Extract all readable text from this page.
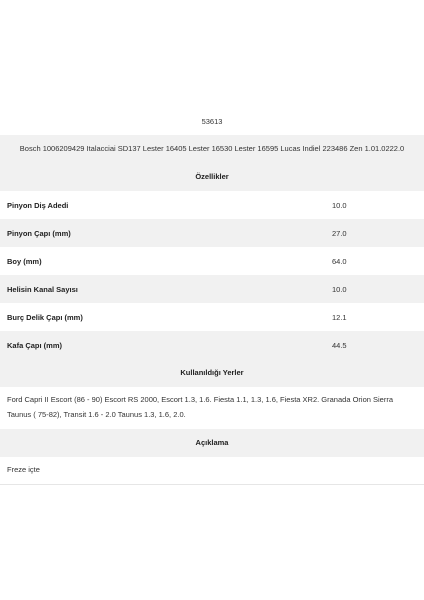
53613
Bosch 1006209429 Italacciai SD137 Lester 16405 Lester 16530 Lester 16595 Lucas Indiel 223486 Zen 1.01.0222.0
Özellikler
Pinyon Diş Adedi	10.0
Pinyon Çapı (mm)	27.0
Boy (mm)	64.0
Helisin Kanal Sayısı	10.0
Burç Delik Çapı (mm)	12.1
Kafa Çapı (mm)	44.5
Kullanıldığı Yerler
Ford Capri II Escort (86 - 90) Escort RS 2000, Escort 1.3, 1.6. Fiesta 1.1, 1.3, 1.6, Fiesta XR2. Granada Orion Sierra Taunus ( 75-82), Transit 1.6 - 2.0 Taunus 1.3, 1.6, 2.0.
Açıklama
Freze içte
